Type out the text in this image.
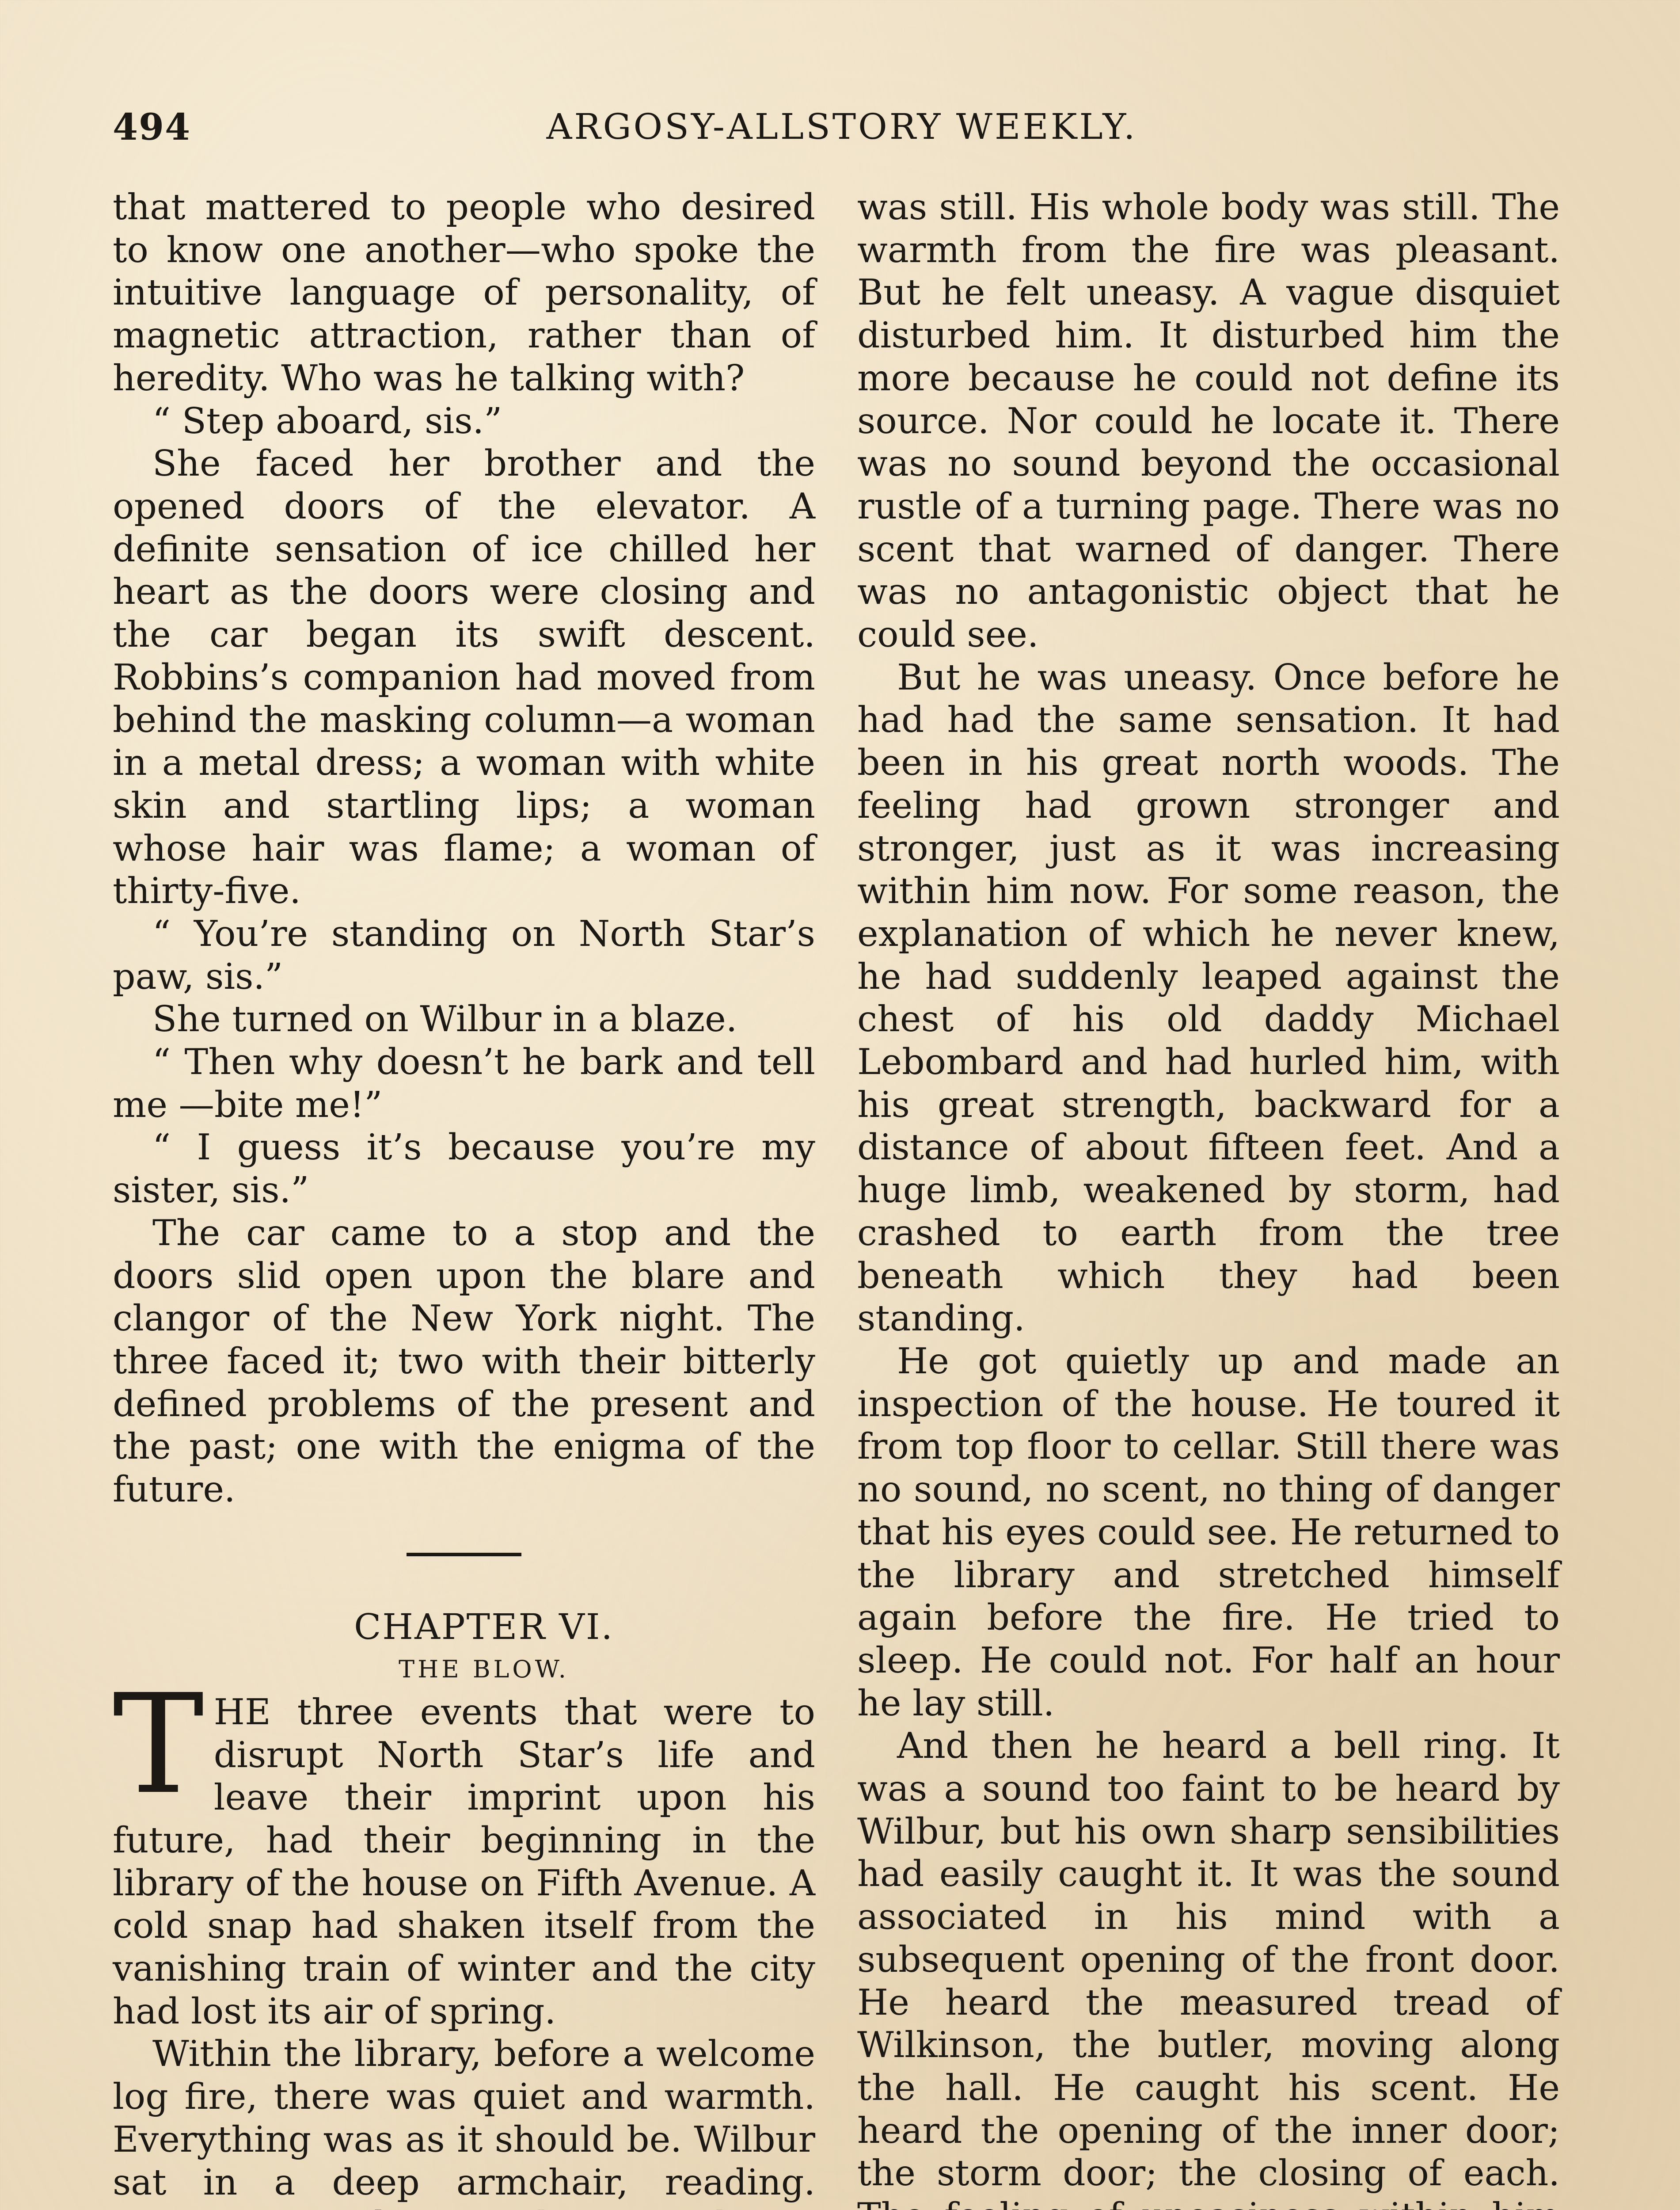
494	ARGOSY-ALLSTORY WEEKLY.

that mattered to people who desired to know one another—who spoke the intuitive language of personality, of magnetic attraction, rather than of heredity. Who was he talking with?

“ Step aboard, sis.”

She faced her brother and the opened doors of the elevator. A definite sensation of ice chilled her heart as the doors were closing and the car began its swift descent. Robbins’s companion had moved from behind the masking column—a woman in a metal dress; a woman with white skin and startling lips; a woman whose hair was flame; a woman of thirty-five.

“ You’re standing on North Star’s paw, sis.”

She turned on Wilbur in a blaze.

“ Then why doesn’t he bark and tell me —bite me!”

“ I guess it’s because you’re my sister, sis.”

The car came to a stop and the doors slid open upon the blare and clangor of the New York night. The three faced it; two with their bitterly defined problems of the present and the past; one with the enigma of the future.

CHAPTER VI.

THE BLOW.

THE three events that were to disrupt North Star’s life and leave their imprint upon his future, had their beginning in the library of the house on Fifth Avenue. A cold snap had shaken itself from the vanishing train of winter and the city had lost its air of spring.

Within the library, before a welcome log fire, there was quiet and warmth. Everything was as it should be. Wilbur sat in a deep armchair, reading.

was still. His whole body was still. The warmth from the fire was pleasant. But he felt uneasy. A vague disquiet disturbed him. It disturbed him the more because he could not define its source. Nor could he locate it. There was no sound beyond the occasional rustle of a turning page. There was no scent that warned of danger. There was no antagonistic object that he could see.

But he was uneasy. Once before he had had the same sensation. It had been in his great north woods. The feeling had grown stronger and stronger, just as it was increasing within him now. For some reason, the explanation of which he never knew, he had suddenly leaped against the chest of his old daddy Michael Lebombard and had hurled him, with his great strength, backward for a distance of about fifteen feet. And a huge limb, weakened by storm, had crashed to earth from the tree beneath which they had been standing.

He got quietly up and made an inspection of the house. He toured it from top floor to cellar. Still there was no sound, no scent, no thing of danger that his eyes could see. He returned to the library and stretched himself again before the fire. He tried to sleep. He could not. For half an hour he lay still.

And then he heard a bell ring. It was a sound too faint to be heard by Wilbur, but his own sharp sensibilities had easily caught it. It was the sound associated in his mind with a subsequent opening of the front door. He heard the measured tread of Wilkinson, the butler, moving along the hall. He caught his scent. He heard the opening of the inner door; the storm door; the closing of each.
